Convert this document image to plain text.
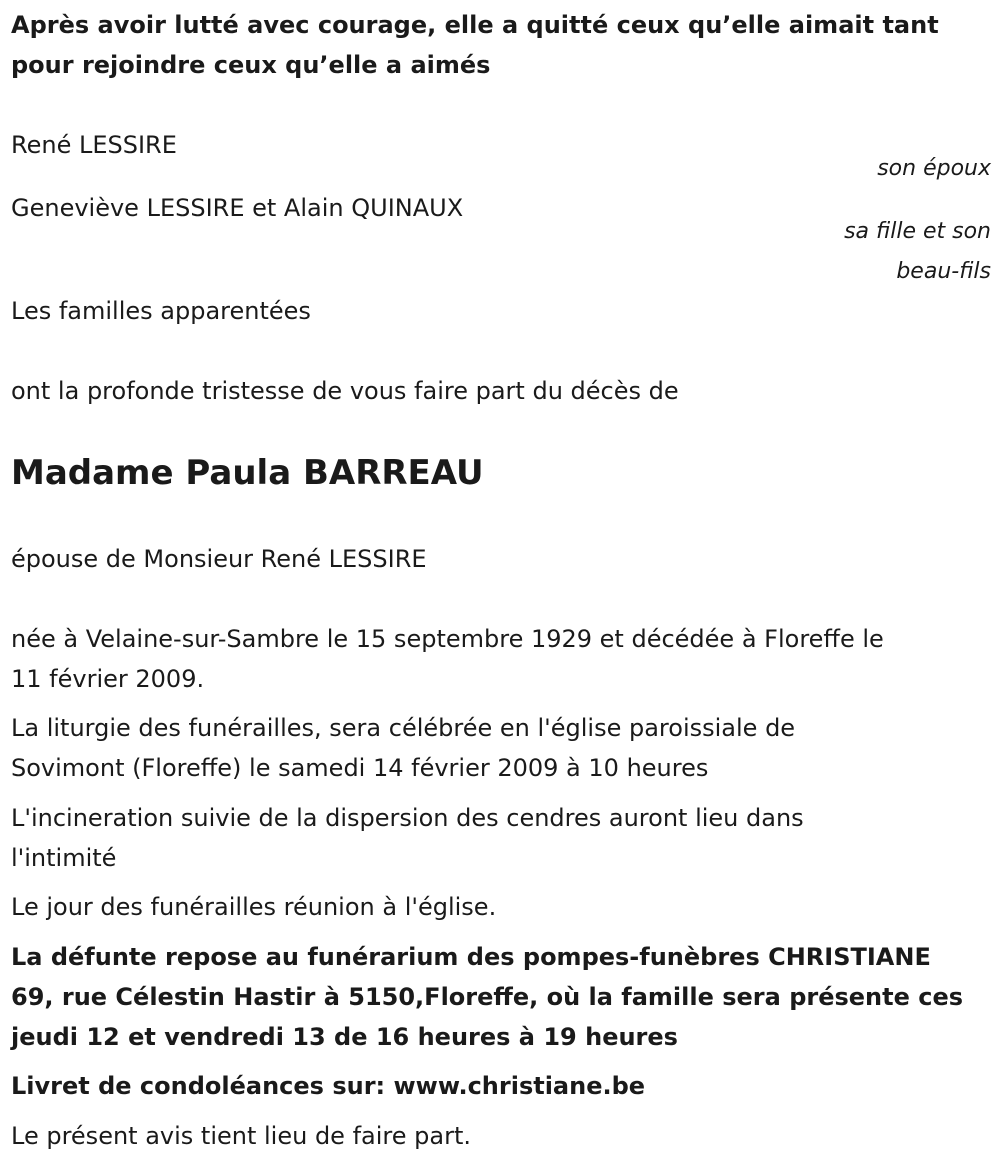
Après avoir lutté avec courage, elle a quitté ceux qu’elle aimait tant

pour rejoindre ceux qu’elle a aimés

René LESSIRE

son époux

Geneviève LESSIRE et Alain QUINAUX

sa fille et son

beau-fils

Les familles apparentées

ont la profonde tristesse de vous faire part du décès de

Madame Paula BARREAU

épouse de Monsieur René LESSIRE

née à Velaine-sur-Sambre le 15 septembre 1929 et décédée à Floreffe le

11 février 2009.

La liturgie des funérailles, sera célébrée en l'église paroissiale de

Sovimont (Floreffe) le samedi 14 février 2009 à 10 heures

L'incineration suivie de la dispersion des cendres auront lieu dans

l'intimité

Le jour des funérailles réunion à l'église.

La défunte repose au funérarium des pompes-funèbres CHRISTIANE

69, rue Célestin Hastir à 5150,Floreffe, où la famille sera présente ces

jeudi 12 et vendredi 13 de 16 heures à 19 heures

Livret de condoléances sur: www.christiane.be

Le présent avis tient lieu de faire part.
